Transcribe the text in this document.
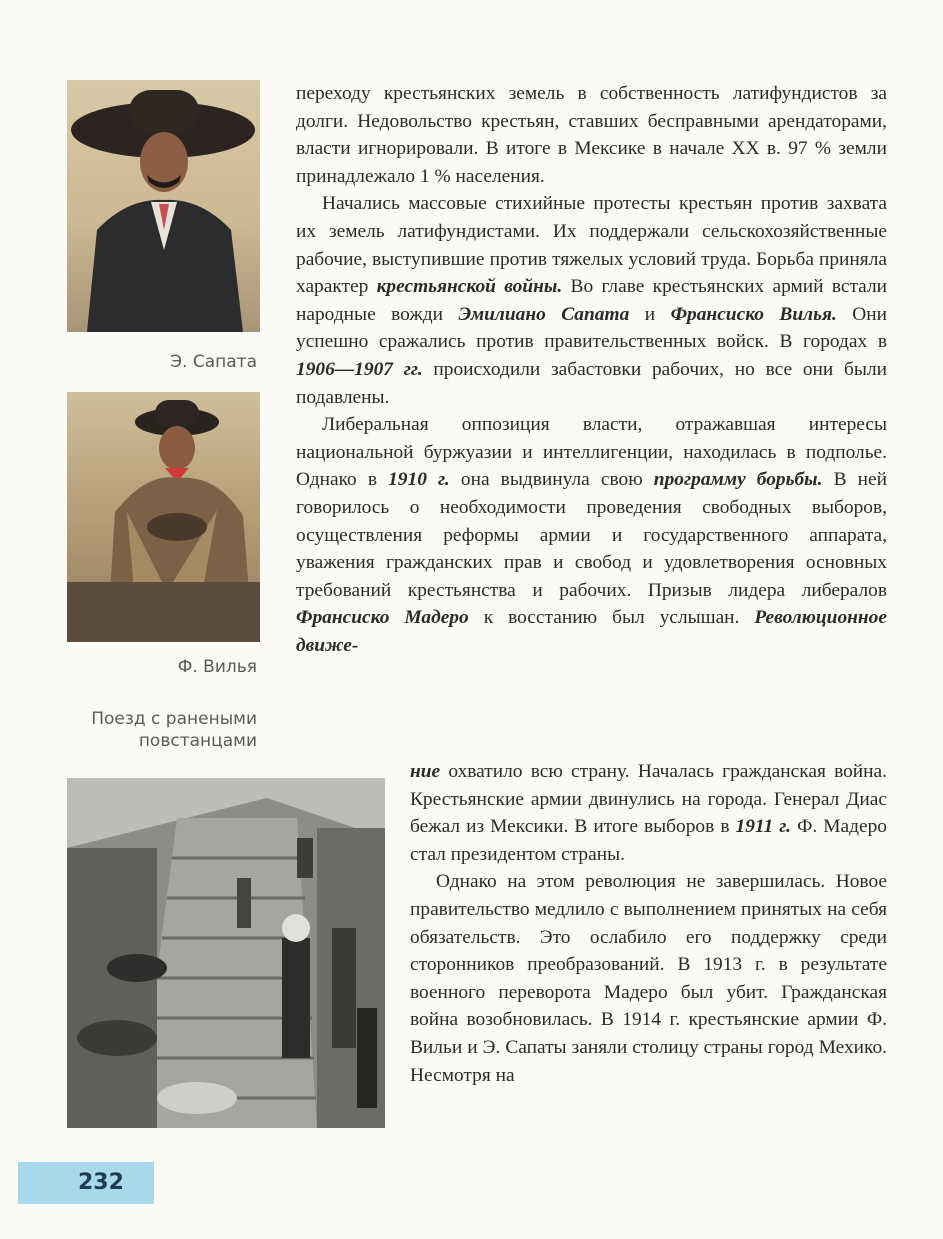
Э. Сапата
Ф. Вилья
Поезд с ранеными повстанцами

переходу крестьянских земель в собственность латифундистов за долги. Недовольство крестьян, ставших бесправными арендаторами, власти игнорировали. В итоге в Мексике в начале XX в. 97 % земли принадлежало 1 % населения.

Начались массовые стихийные протесты крестьян против захвата их земель латифундистами. Их поддержали сельскохозяйственные рабочие, выступившие против тяжелых условий труда. Борьба приняла характер крестьянской войны. Во главе крестьянских армий встали народные вожди Эмилиано Сапата и Франсиско Вилья. Они успешно сражались против правительственных войск. В городах в 1906—1907 гг. происходили забастовки рабочих, но все они были подавлены.

Либеральная оппозиция власти, отражавшая интересы национальной буржуазии и интеллигенции, находилась в подполье. Однако в 1910 г. она выдвинула свою программу борьбы. В ней говорилось о необходимости проведения свободных выборов, осуществления реформы армии и государственного аппарата, уважения гражданских прав и свобод и удовлетворения основных требований крестьянства и рабочих. Призыв лидера либералов Франсиско Мадеро к восстанию был услышан. Революционное движе-

ние охватило всю страну. Началась гражданская война. Крестьянские армии двинулись на города. Генерал Диас бежал из Мексики. В итоге выборов в 1911 г. Ф. Мадеро стал президентом страны.

Однако на этом революция не завершилась. Новое правительство медлило с выполнением принятых на себя обязательств. Это ослабило его поддержку среди сторонников преобразований. В 1913 г. в результате военного переворота Мадеро был убит. Гражданская война возобновилась. В 1914 г. крестьянские армии Ф. Вильи и Э. Сапаты заняли столицу страны город Мехико. Несмотря на

232
